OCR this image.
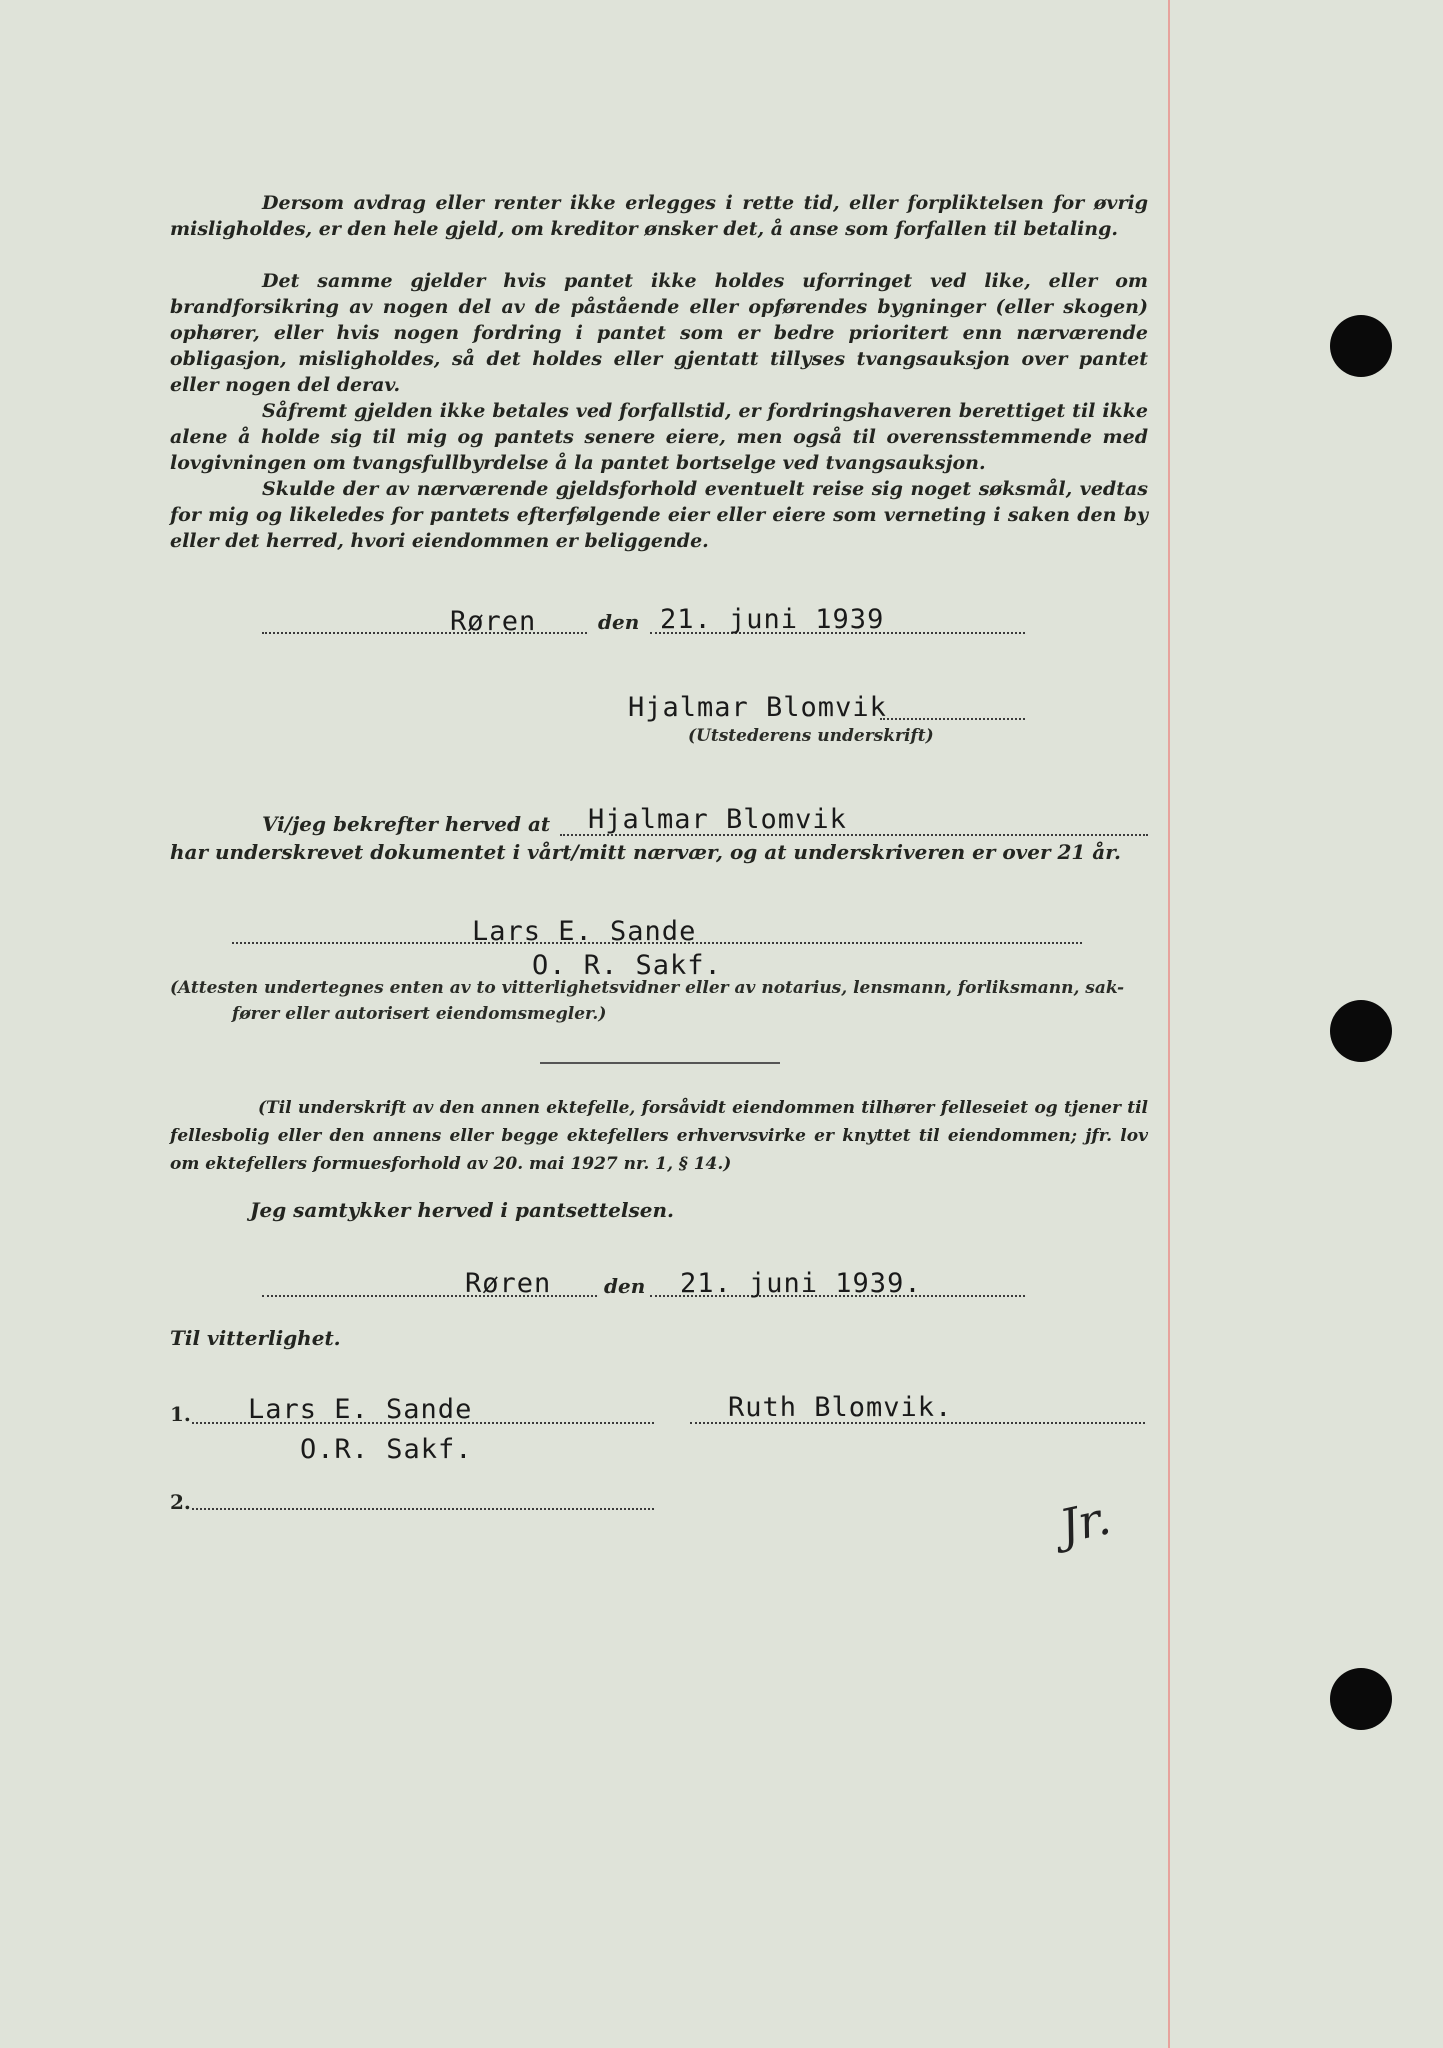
Dersom avdrag eller renter ikke erlegges i rette tid, eller forpliktelsen for øvrig misligholdes, er den hele gjeld, om kreditor ønsker det, å anse som forfallen til betaling.
Det samme gjelder hvis pantet ikke holdes uforringet ved like, eller om brandforsikring av nogen del av de påstående eller opførendes bygninger (eller skogen) ophører, eller hvis nogen fordring i pantet som er bedre prioritert enn nærværende obligasjon, misligholdes, så det holdes eller gjentatt tillyses tvangsauksjon over pantet eller nogen del derav.
Såfremt gjelden ikke betales ved forfallstid, er fordringshaveren berettiget til ikke alene å holde sig til mig og pantets senere eiere, men også til overensstemmende med lovgivningen om tvangsfullbyrdelse å la pantet bortselge ved tvangsauksjon.
Skulde der av nærværende gjeldsforhold eventuelt reise sig noget søksmål, vedtas for mig og likeledes for pantets efterfølgende eier eller eiere som verneting i saken den by eller det herred, hvori eiendommen er beliggende.
Røren	den 21. juni 1939
Hjalmar Blomvik
(Utstederens underskrift)
Vi/jeg bekrefter herved at Hjalmar Blomvik
har underskrevet dokumentet i vårt/mitt nærvær, og at underskriveren er over 21 år.
Lars E. Sande
O. R. Sakf.
(Attesten undertegnes enten av to vitterlighetsvidner eller av notarius, lensmann, forliksmann, sak-
fører eller autorisert eiendomsmegler.)
(Til underskrift av den annen ektefelle, forsåvidt eiendommen tilhører felleseiet og tjener til fellesbolig eller den annens eller begge ektefellers erhvervsvirke er knyttet til eiendommen; jfr. lov om ektefellers formuesforhold av 20. mai 1927 nr. 1, § 14.)
Jeg samtykker herved i pantsettelsen.
Røren	den 21. juni 1939.
Til vitterlighet.
1. Lars E. Sande
O.R. Sakf.
Ruth Blomvik.
2.	Jr.
